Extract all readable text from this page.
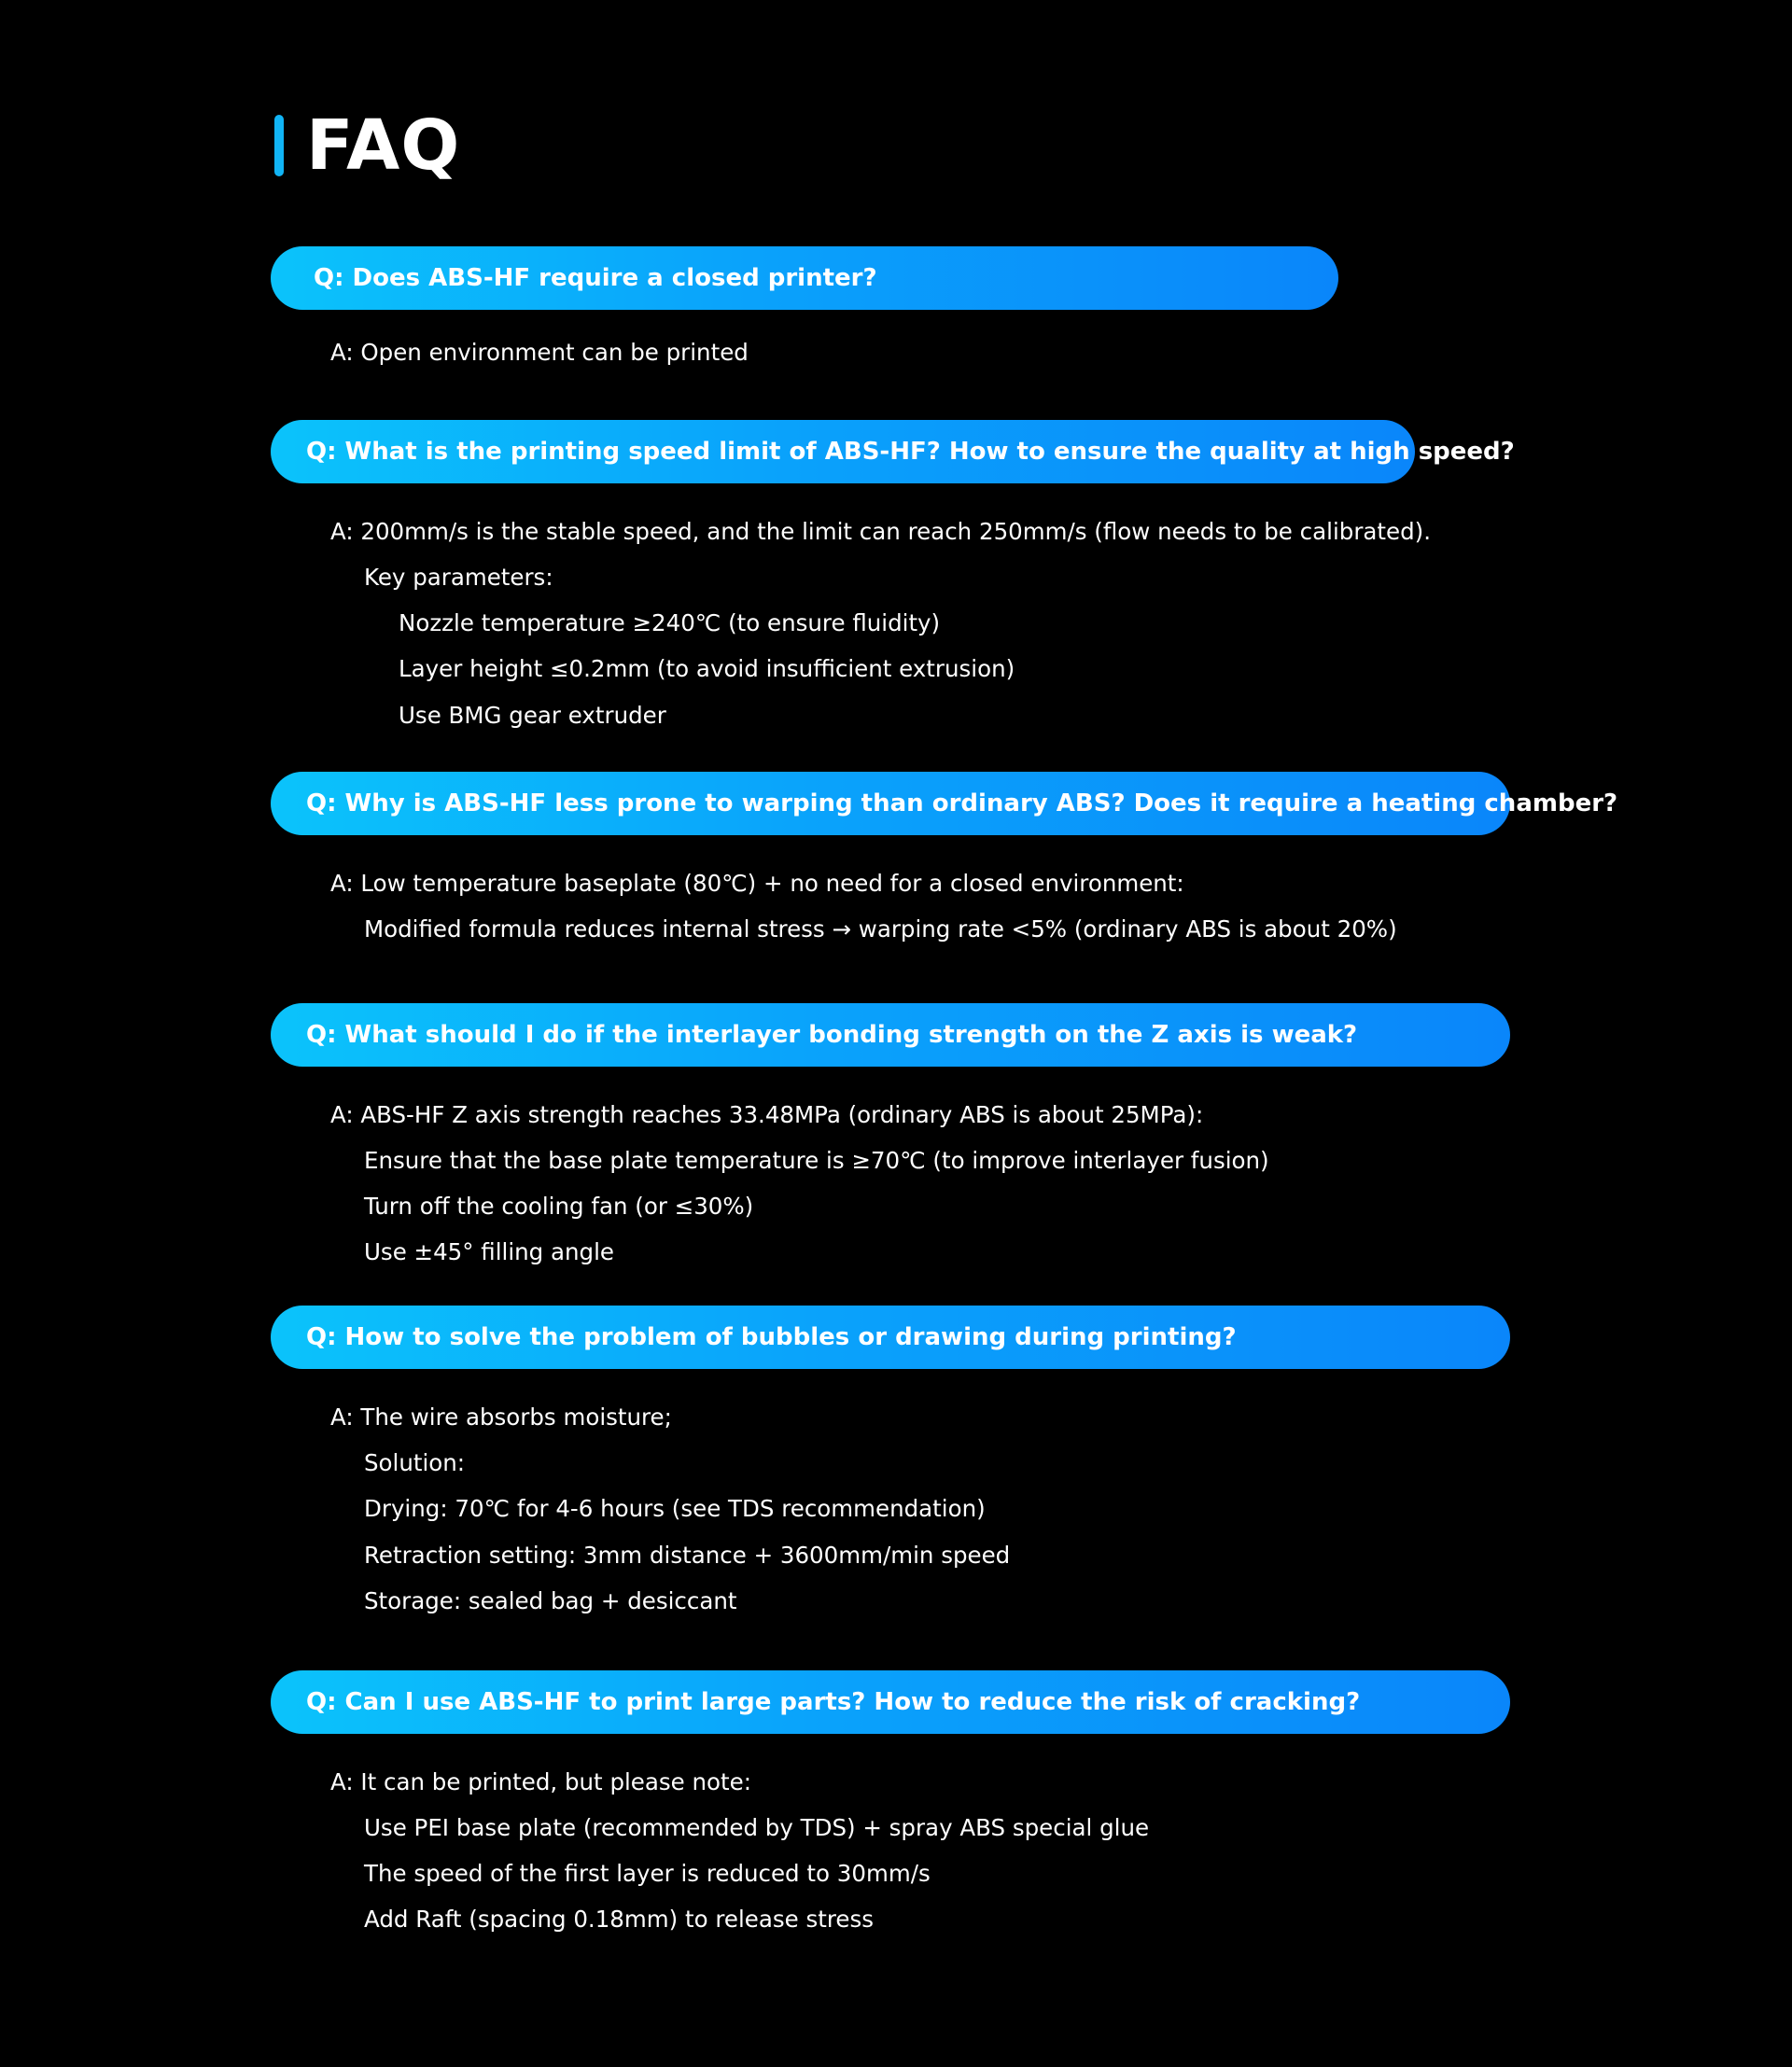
FAQ
Q: Does ABS-HF require a closed printer?
A: Open environment can be printed
Q: What is the printing speed limit of ABS-HF? How to ensure the quality at high speed?
A: 200mm/s is the stable speed, and the limit can reach 250mm/s (flow needs to be calibrated).
Key parameters:
Nozzle temperature ≥240℃ (to ensure fluidity)
Layer height ≤0.2mm (to avoid insufficient extrusion)
Use BMG gear extruder
Q: Why is ABS-HF less prone to warping than ordinary ABS? Does it require a heating chamber?
A: Low temperature baseplate (80℃) + no need for a closed environment:
Modified formula reduces internal stress → warping rate <5% (ordinary ABS is about 20%)
Q: What should I do if the interlayer bonding strength on the Z axis is weak?
A: ABS-HF Z axis strength reaches 33.48MPa (ordinary ABS is about 25MPa):
Ensure that the base plate temperature is ≥70℃ (to improve interlayer fusion)
Turn off the cooling fan (or ≤30%)
Use ±45° filling angle
Q: How to solve the problem of bubbles or drawing during printing?
A: The wire absorbs moisture;
Solution:
Drying: 70℃ for 4-6 hours (see TDS recommendation)
Retraction setting: 3mm distance + 3600mm/min speed
Storage: sealed bag + desiccant
Q: Can I use ABS-HF to print large parts? How to reduce the risk of cracking?
A: It can be printed, but please note:
Use PEI base plate (recommended by TDS) + spray ABS special glue
The speed of the first layer is reduced to 30mm/s
Add Raft (spacing 0.18mm) to release stress
